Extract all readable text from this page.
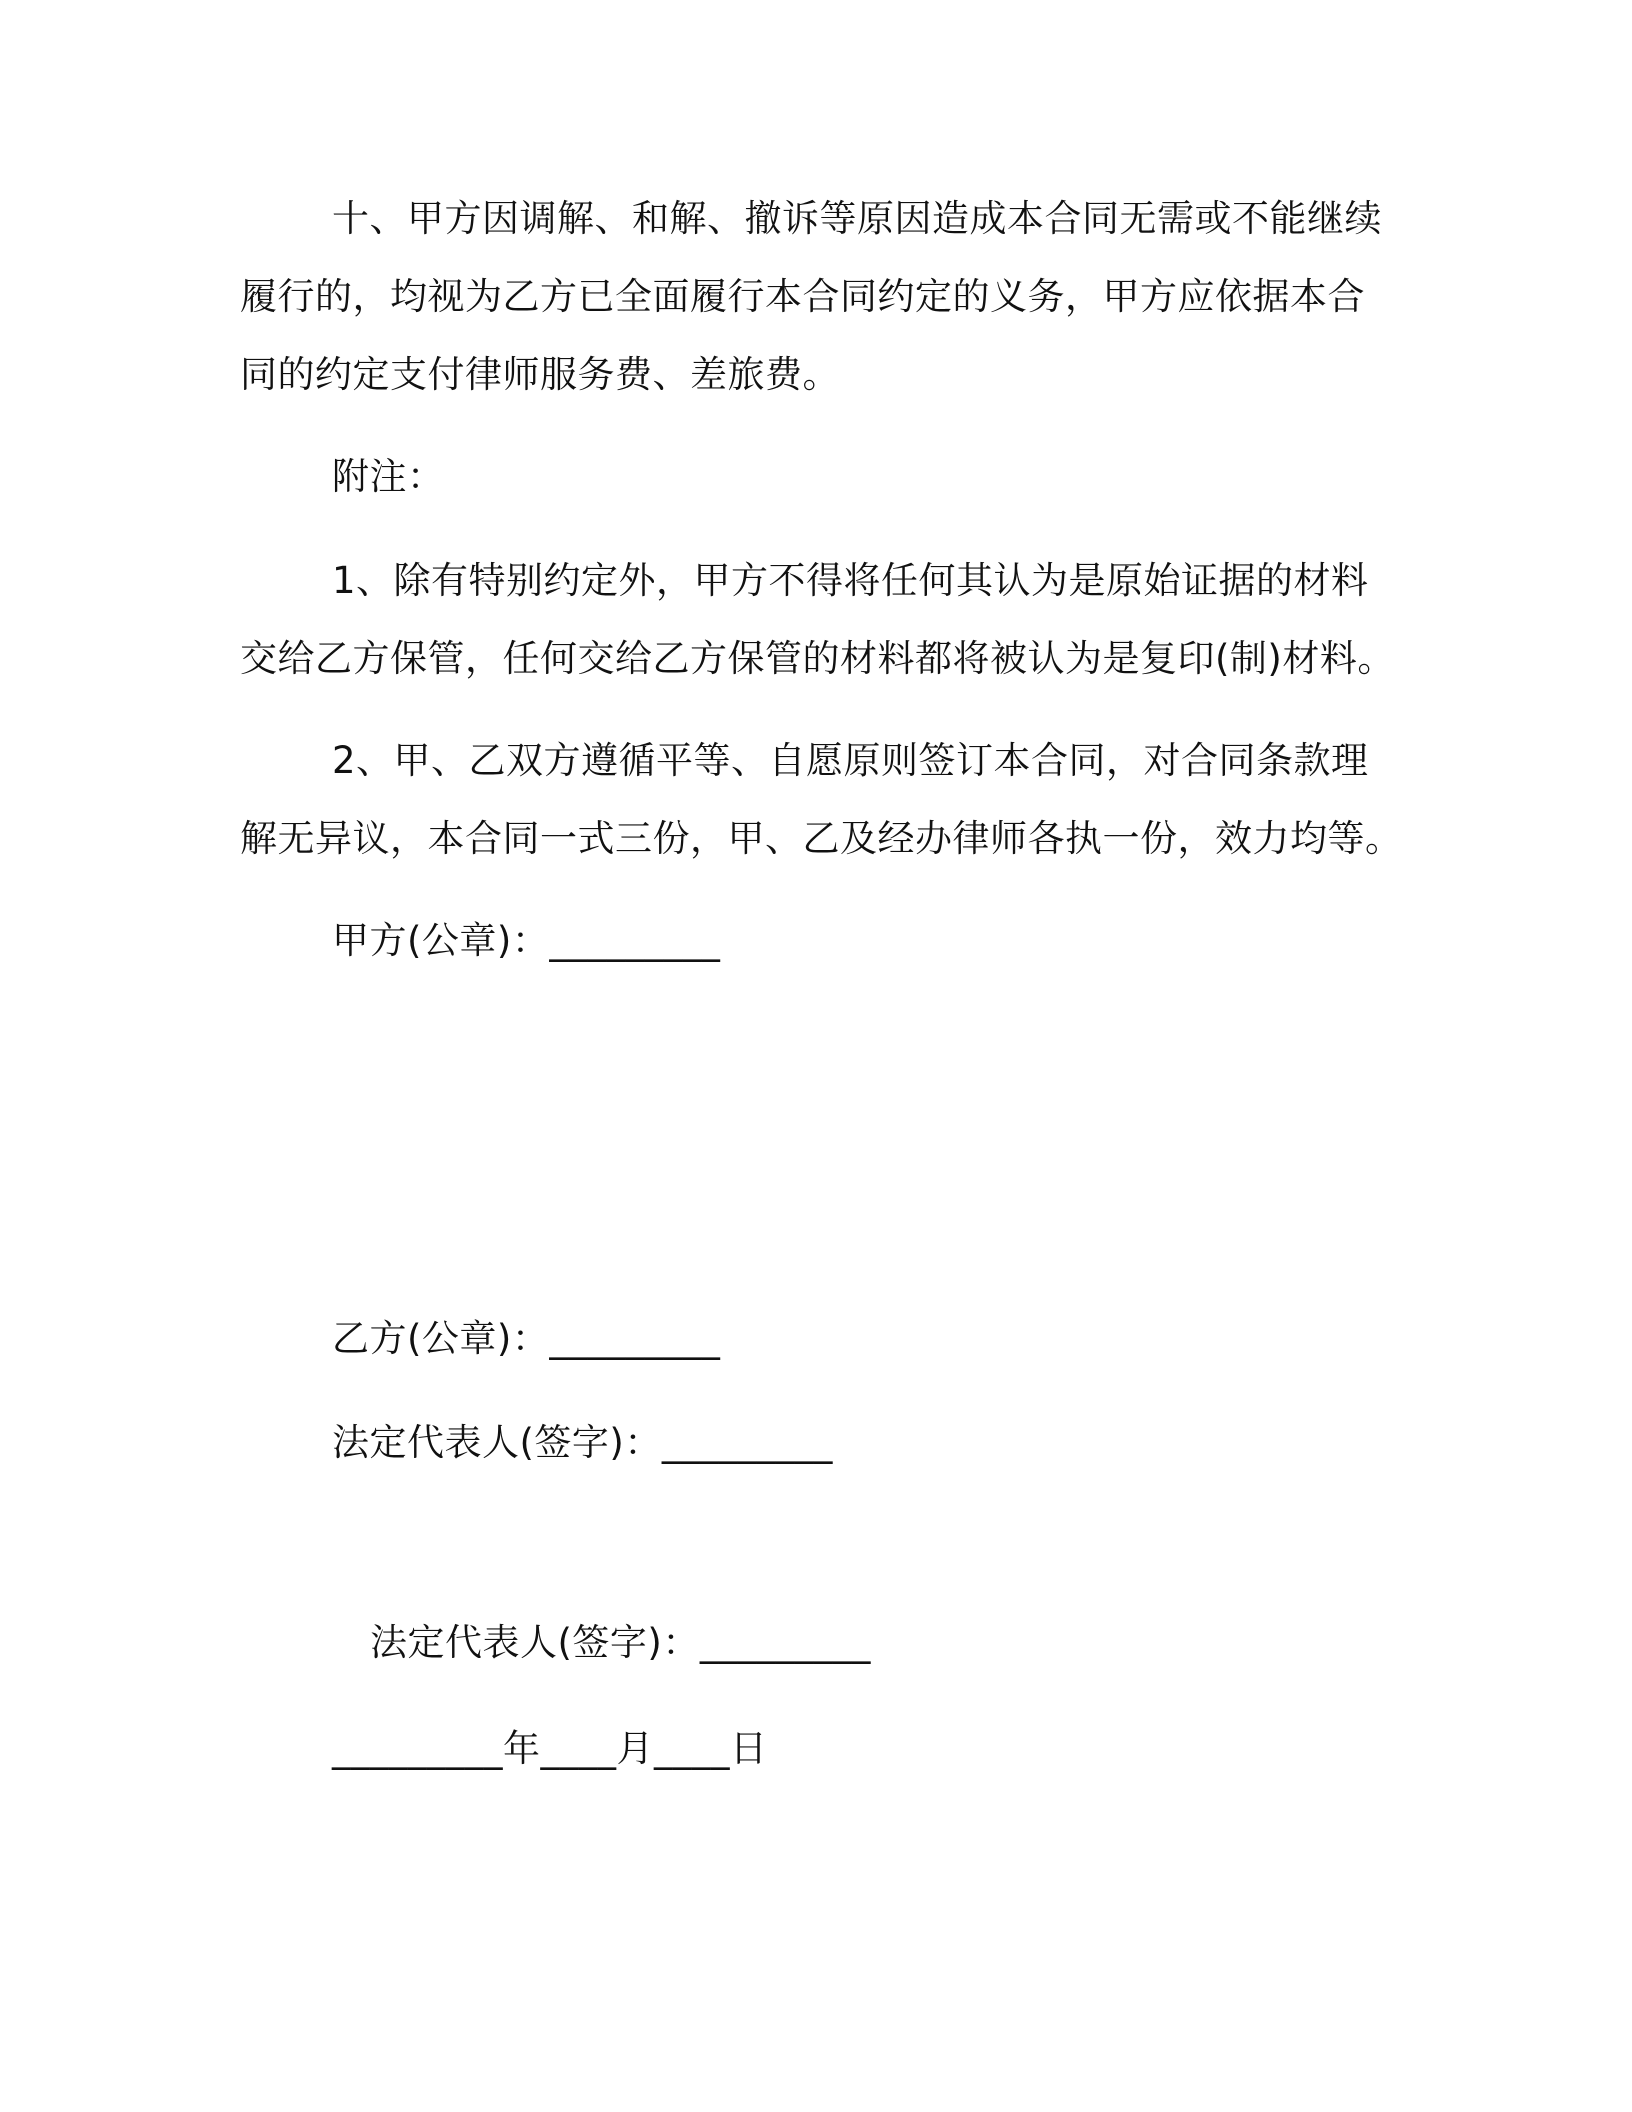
十、甲方因调解、和解、撤诉等原因造成本合同无需或不能继续
履行的，均视为乙方已全面履行本合同约定的义务，甲方应依据本合
同的约定支付律师服务费、差旅费。
附注：
1、除有特别约定外，甲方不得将任何其认为是原始证据的材料
交给乙方保管，任何交给乙方保管的材料都将被认为是复印(制)材料。
2、甲、乙双方遵循平等、自愿原则签订本合同，对合同条款理
解无异议，本合同一式三份，甲、乙及经办律师各执一份，效力均等。
甲方(公章)：_________
乙方(公章)：_________
法定代表人(签字)：_________
法定代表人(签字)：_________
_________年____月____日
